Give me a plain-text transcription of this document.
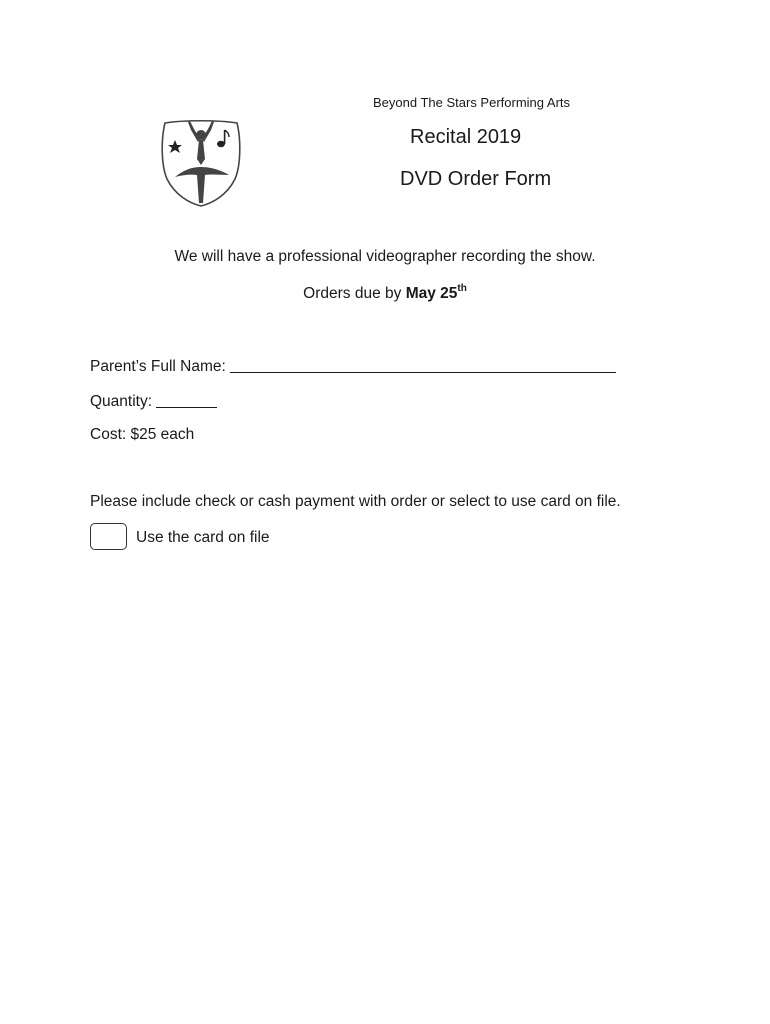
Beyond The Stars Performing Arts
Recital 2019
DVD Order Form
We will have a professional videographer recording the show.
Orders due by May 25th
Parent’s Full Name:
Quantity:
Cost: $25 each
Please include check or cash payment with order or select to use card on file.
Use the card on file
